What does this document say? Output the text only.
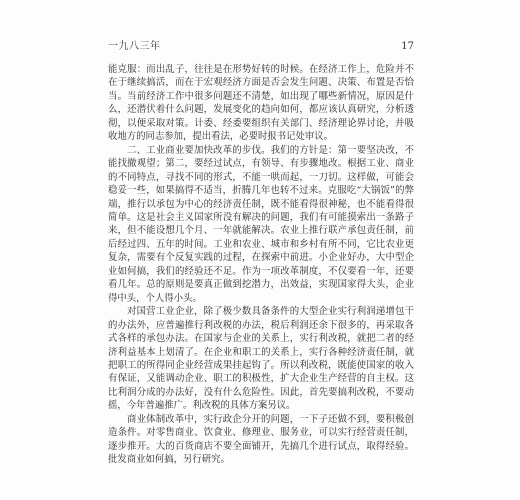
一九八三年	17

能克服：而出乱子，往往是在形势好转的时候。在经济工作上，危险并不在于继续搞活，而在于宏观经济方面是否会发生问题、决策、布置是否恰当。当前经济工作中很多问题还不清楚，如出现了哪些新情况，原因是什么，还潜伏着什么问题，发展变化的趋向如何，都应该认真研究，分析透彻，以便采取对策。计委、经委要组织有关部门、经济理论界讨论，并吸收地方的同志参加，提出看法，必要时报书记处审议。

二、工业商业要加快改革的步伐。我们的方针是：第一要坚决改，不能找撤观望；第二，要经过试点，有领导、有步骤地改。根据工业、商业的不同特点，寻找不同的形式，不能一哄而起，一刀切。这样做，可能会稳妥一些，如果搞得不适当，折腾几年也转不过来。克服吃“大锅饭”的弊端，推行以承包为中心的经济责任制，既不能看得很神秘，也不能看得很简单。这是社会主义国家所没有解决的问题，我们有可能摸索出一条路子来，但不能设想几个月、一年就能解决。农业上推行联产承包责任制，前后经过四、五年的时间。工业和农业、城市和乡村有所不同，它比农业更复杂，需要有个反复实践的过程，在探索中前进。小企业好办，大中型企业如何搞，我们的经验还不足。作为一项改革制度，不仅要看一年，还要看几年。总的原则是要真正做到挖潜力，出效益，实现国家得大头，企业得中头，个人得小头。

对国营工业企业，除了极少数具备条件的大型企业实行利润递增包干的办法外，应普遍推行利改税的办法，税后利润还余下很多的，再采取各式各样的承包办法。在国家与企业的关系上，实行利改税，就把二者的经济利益基本上划清了。在企业和职工的关系上，实行各种经济责任制，就把职工的所得同企业经营成果挂起钩了。所以利改税，既能使国家的收入有保证，又能调动企业、职工的积极性，扩大企业生产经营的自主权。这比利润分成的办法好，没有什么危险性。因此，首先要搞利改税，不要动摇，今年普遍推广。利改税的具体方案另议。

商业体制改革中，实行政企分开的问题，一下子还做不到，要积极创造条件。对零售商业、饮食业、修理业、服务业，可以实行经营责任制，逐步推开。大的百货商店不要全面铺开，先搞几个进行试点，取得经验。批发商业如何搞，另行研究。
